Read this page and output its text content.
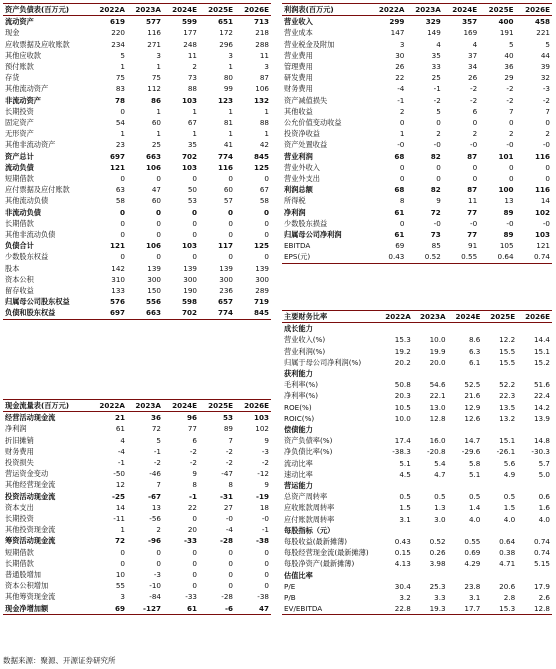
资产负债表(百万元)	2022A	2023A	2024E	2025E	2026E
流动资产	619	577	599	651	713
现金	220	116	177	172	218
应收票据及应收账款	234	271	248	296	288
其他应收款	5	3	11	3	11
预付账款	1	1	2	1	3
存货	75	75	73	80	87
其他流动资产	83	112	88	99	106
非流动资产	78	86	103	123	132
长期投资	0	1	1	1	1
固定资产	54	60	67	81	88
无形资产	1	1	1	1	1
其他非流动资产	23	25	35	41	42
资产总计	697	663	702	774	845
流动负债	121	106	103	116	125
短期借款	0	0	0	0	0
应付票据及应付账款	63	47	50	60	67
其他流动负债	58	60	53	57	58
非流动负债	0	0	0	0	0
长期借款	0	0	0	0	0
其他非流动负债	0	0	0	0	0
负债合计	121	106	103	117	125
少数股东权益	0	0	0	0	0
股本	142	139	139	139	139
资本公积	310	300	300	300	300
留存收益	133	150	190	236	289
归属母公司股东权益	576	556	598	657	719
负债和股东权益	697	663	702	774	845
利润表(百万元)	2022A	2023A	2024E	2025E	2026E
营业收入	299	329	357	400	458
营业成本	147	149	169	191	221
营业税金及附加	3	4	4	5	5
营业费用	30	35	37	40	44
管理费用	26	33	34	36	39
研发费用	22	25	26	29	32
财务费用	-4	-1	-2	-2	-3
资产减值损失	-1	-2	-2	-2	-2
其他收益	2	5	6	7	7
公允价值变动收益	0	0	0	0	0
投资净收益	1	2	2	2	2
资产处置收益	-0	-0	-0	-0	-0
营业利润	68	82	87	101	116
营业外收入	0	0	0	0	0
营业外支出	0	0	0	0	0
利润总额	68	82	87	100	116
所得税	8	9	11	13	14
净利润	61	72	77	89	102
少数股东损益	0	-0	-0	-0	-0
归属母公司净利润	61	73	77	89	103
EBITDA	69	85	91	105	121
EPS(元)	0.43	0.52	0.55	0.64	0.74
主要财务比率	2022A	2023A	2024E	2025E	2026E
成长能力					
营业收入(%)	15.3	10.0	8.6	12.2	14.4
营业利润(%)	19.2	19.9	6.3	15.5	15.1
归属于母公司净利润(%)	20.2	20.0	6.1	15.5	15.2
获利能力					
毛利率(%)	50.8	54.6	52.5	52.2	51.6
净利率(%)	20.3	22.1	21.6	22.3	22.4
ROE(%)	10.5	13.0	12.9	13.5	14.2
ROIC(%)	10.0	12.8	12.6	13.2	13.9
偿债能力					
资产负债率(%)	17.4	16.0	14.7	15.1	14.8
净负债比率(%)	-38.3	-20.8	-29.6	-26.1	-30.3
流动比率	5.1	5.4	5.8	5.6	5.7
速动比率	4.5	4.7	5.1	4.9	5.0
营运能力					
总资产周转率	0.5	0.5	0.5	0.5	0.6
应收账款周转率	1.5	1.3	1.4	1.5	1.6
应付账款周转率	3.1	3.0	4.0	4.0	4.0
每股指标（元）					
每股收益(最新摊薄)	0.43	0.52	0.55	0.64	0.74
每股经营现金流(最新摊薄)	0.15	0.26	0.69	0.38	0.74
每股净资产(最新摊薄)	4.13	3.98	4.29	4.71	5.15
估值比率					
P/E	30.4	25.3	23.8	20.6	17.9
P/B	3.2	3.3	3.1	2.8	2.6
EV/EBITDA	22.8	19.3	17.7	15.3	12.8
现金流量表(百万元)	2022A	2023A	2024E	2025E	2026E
经营活动现金流	21	36	96	53	103
净利润	61	72	77	89	102
折旧摊销	4	5	6	7	9
财务费用	-4	-1	-2	-2	-3
投资损失	-1	-2	-2	-2	-2
营运资金变动	-50	-46	9	-47	-12
其他经营现金流	12	7	8	8	9
投资活动现金流	-25	-67	-1	-31	-19
资本支出	14	13	22	27	18
长期投资	-11	-56	0	-0	-0
其他投资现金流	1	2	20	-4	-1
筹资活动现金流	72	-96	-33	-28	-38
短期借款	0	0	0	0	0
长期借款	0	0	0	0	0
普通股增加	10	-3	0	0	0
资本公积增加	55	-10	0	0	0
其他筹资现金流	3	-84	-33	-28	-38
现金净增加额	69	-127	61	-6	47
数据来源：聚源、开源证券研究所
